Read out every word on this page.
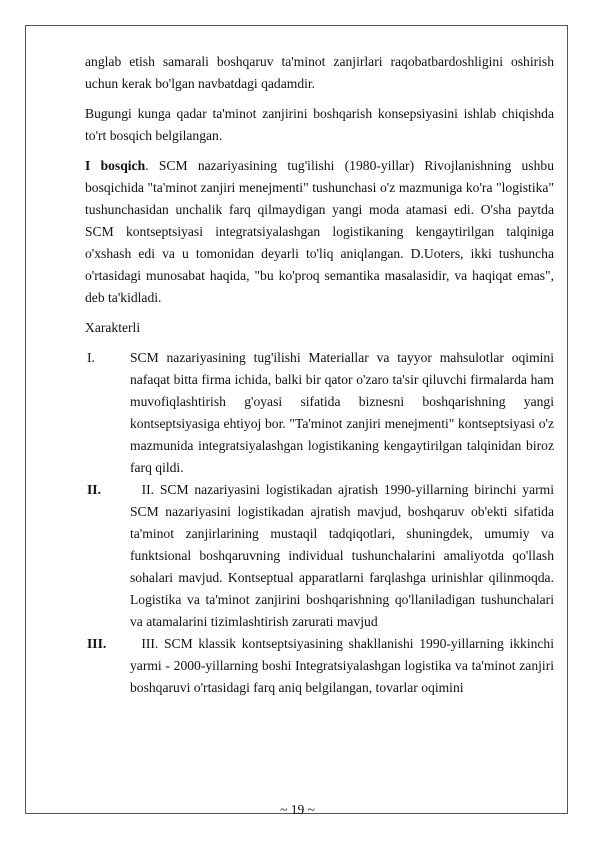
anglab etish samarali boshqaruv ta'minot zanjirlari raqobatbardoshligini oshirish uchun kerak bo'lgan navbatdagi qadamdir.

Bugungi kunga qadar ta'minot zanjirini boshqarish konsepsiyasini ishlab chiqishda to'rt bosqich belgilangan.

I bosqich. SCM nazariyasining tug'ilishi (1980-yillar) Rivojlanishning ushbu bosqichida "ta'minot zanjiri menejmenti" tushunchasi o'z mazmuniga ko'ra "logistika" tushunchasidan unchalik farq qilmaydigan yangi moda atamasi edi. O'sha paytda SCM kontseptsiyasi integratsiyalashgan logistikaning kengaytirilgan talqiniga o'xshash edi va u tomonidan deyarli to'liq aniqlangan. D.Uoters, ikki tushuncha o'rtasidagi munosabat haqida, "bu ko'proq semantika masalasidir, va haqiqat emas", deb ta'kidladi.

Xarakterli
I.	SCM nazariyasining tug'ilishi Materiallar va tayyor mahsulotlar oqimini nafaqat bitta firma ichida, balki bir qator o'zaro ta'sir qiluvchi firmalarda ham muvofiqlashtirish g'oyasi sifatida biznesni boshqarishning yangi kontseptsiyasiga ehtiyoj bor. "Ta'minot zanjiri menejmenti" kontseptsiyasi o'z mazmunida integratsiyalashgan logistikaning kengaytirilgan talqinidan biroz farq qildi.
II. II. SCM nazariyasini logistikadan ajratish 1990-yillarning birinchi yarmi SCM nazariyasini logistikadan ajratish mavjud, boshqaruv ob'ekti sifatida ta'minot zanjirlarining mustaqil tadqiqotlari, shuningdek, umumiy va funktsional boshqaruvning individual tushunchalarini amaliyotda qo'llash sohalari mavjud. Kontseptual apparatlarni farqlashga urinishlar qilinmoqda. Logistika va ta'minot zanjirini boshqarishning qo'llaniladigan tushunchalari va atamalarini tizimlashtirish zarurati mavjud
III. III. SCM klassik kontseptsiyasining shakllanishi 1990-yillarning ikkinchi yarmi - 2000-yillarning boshi Integratsiyalashgan logistika va ta'minot zanjiri boshqaruvi o'rtasidagi farq aniq belgilangan, tovarlar oqimini
~ 19 ~
